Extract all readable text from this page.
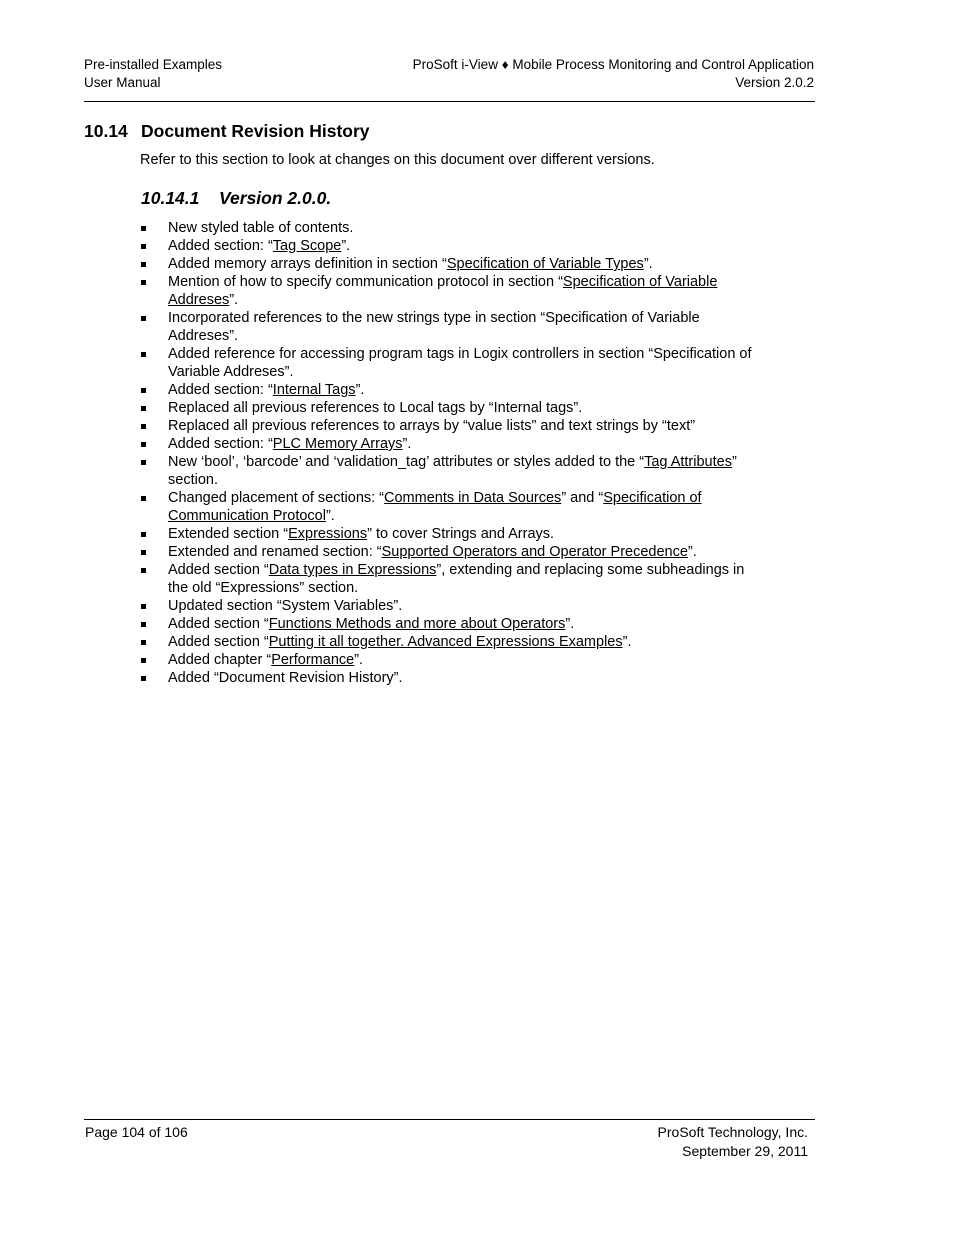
Pre-installed Examples
User Manual
ProSoft i-View ♦ Mobile Process Monitoring and Control Application
Version 2.0.2
10.14 Document Revision History
Refer to this section to look at changes on this document over different versions.
10.14.1 Version 2.0.0.
New styled table of contents.
Added section: “Tag Scope”.
Added memory arrays definition in section “Specification of Variable Types”.
Mention of how to specify communication protocol in section “Specification of Variable Addreses”.
Incorporated references to the new strings type in section “Specification of Variable Addreses”.
Added reference for accessing program tags in Logix controllers in section “Specification of Variable Addreses”.
Added section: “Internal Tags”.
Replaced all previous references to Local tags by “Internal tags”.
Replaced all previous references to arrays by “value lists” and text strings by “text”
Added section: “PLC Memory Arrays”.
New ‘bool’, ‘barcode’ and ‘validation_tag’ attributes or styles added to the “Tag Attributes” section.
Changed placement of sections: “Comments in Data Sources” and “Specification of Communication Protocol”.
Extended section “Expressions” to cover Strings and Arrays.
Extended and renamed section: “Supported Operators and Operator Precedence”.
Added section “Data types in Expressions”, extending and replacing some subheadings in the old “Expressions” section.
Updated section “System Variables”.
Added section “Functions Methods and more about Operators”.
Added section “Putting it all together. Advanced Expressions Examples”.
Added chapter “Performance”.
Added “Document Revision History”.
Page 104 of 106	ProSoft Technology, Inc.
September 29, 2011
